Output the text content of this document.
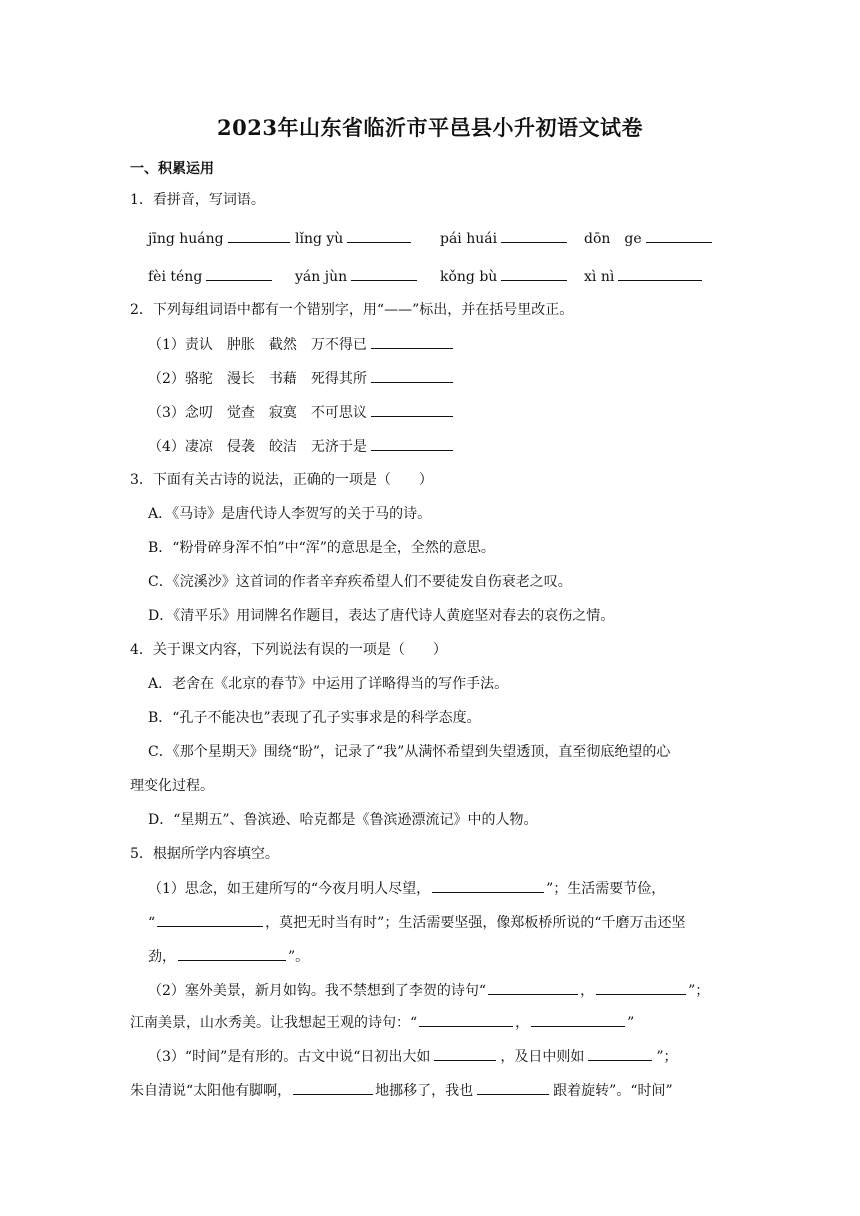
2023年山东省临沂市平邑县小升初语文试卷
一、积累运用
1．看拼音，写词语。
jīng huáng	lǐng yù	pái huái	dōn　ge
fèi téng	yán jùn	kǒng bù	xì nì
2．下列每组词语中都有一个错别字，用“——”标出，并在括号里改正。
（1）责认　肿胀　截然　万不得已
（2）骆驼　漫长　书藉　死得其所
（3）念叨　觉查　寂寞　不可思议
（4）凄凉　侵袭　皎洁　无济于是
3．下面有关古诗的说法，正确的一项是（　　）
A．《马诗》是唐代诗人李贺写的关于马的诗。
B．“粉骨碎身浑不怕”中“浑”的意思是全，全然的意思。
C．《浣溪沙》这首词的作者辛弃疾希望人们不要徒发自伤衰老之叹。
D．《清平乐》用词牌名作题目，表达了唐代诗人黄庭坚对春去的哀伤之情。
4．关于课文内容，下列说法有误的一项是（　　）
A．老舍在《北京的春节》中运用了详略得当的写作手法。
B．“孔子不能决也”表现了孔子实事求是的科学态度。
C．《那个星期天》围绕“盼”，记录了“我”从满怀希望到失望透顶，直至彻底绝望的心
理变化过程。
D．“星期五”、鲁滨逊、哈克都是《鲁滨逊漂流记》中的人物。
5．根据所学内容填空。
（1）思念，如王建所写的“今夜月明人尽望，	”；生活需要节俭，
“	，莫把无时当有时”；生活需要坚强，像郑板桥所说的“千磨万击还坚
劲，	”。
（2）塞外美景，新月如钩。我不禁想到了李贺的诗句“	，	”；
江南美景，山水秀美。让我想起王观的诗句：“	，	”
（3）“时间”是有形的。古文中说“日初出大如	，及日中则如	”；
朱自清说“太阳他有脚啊，	地挪移了，我也	跟着旋转”。“时间”
